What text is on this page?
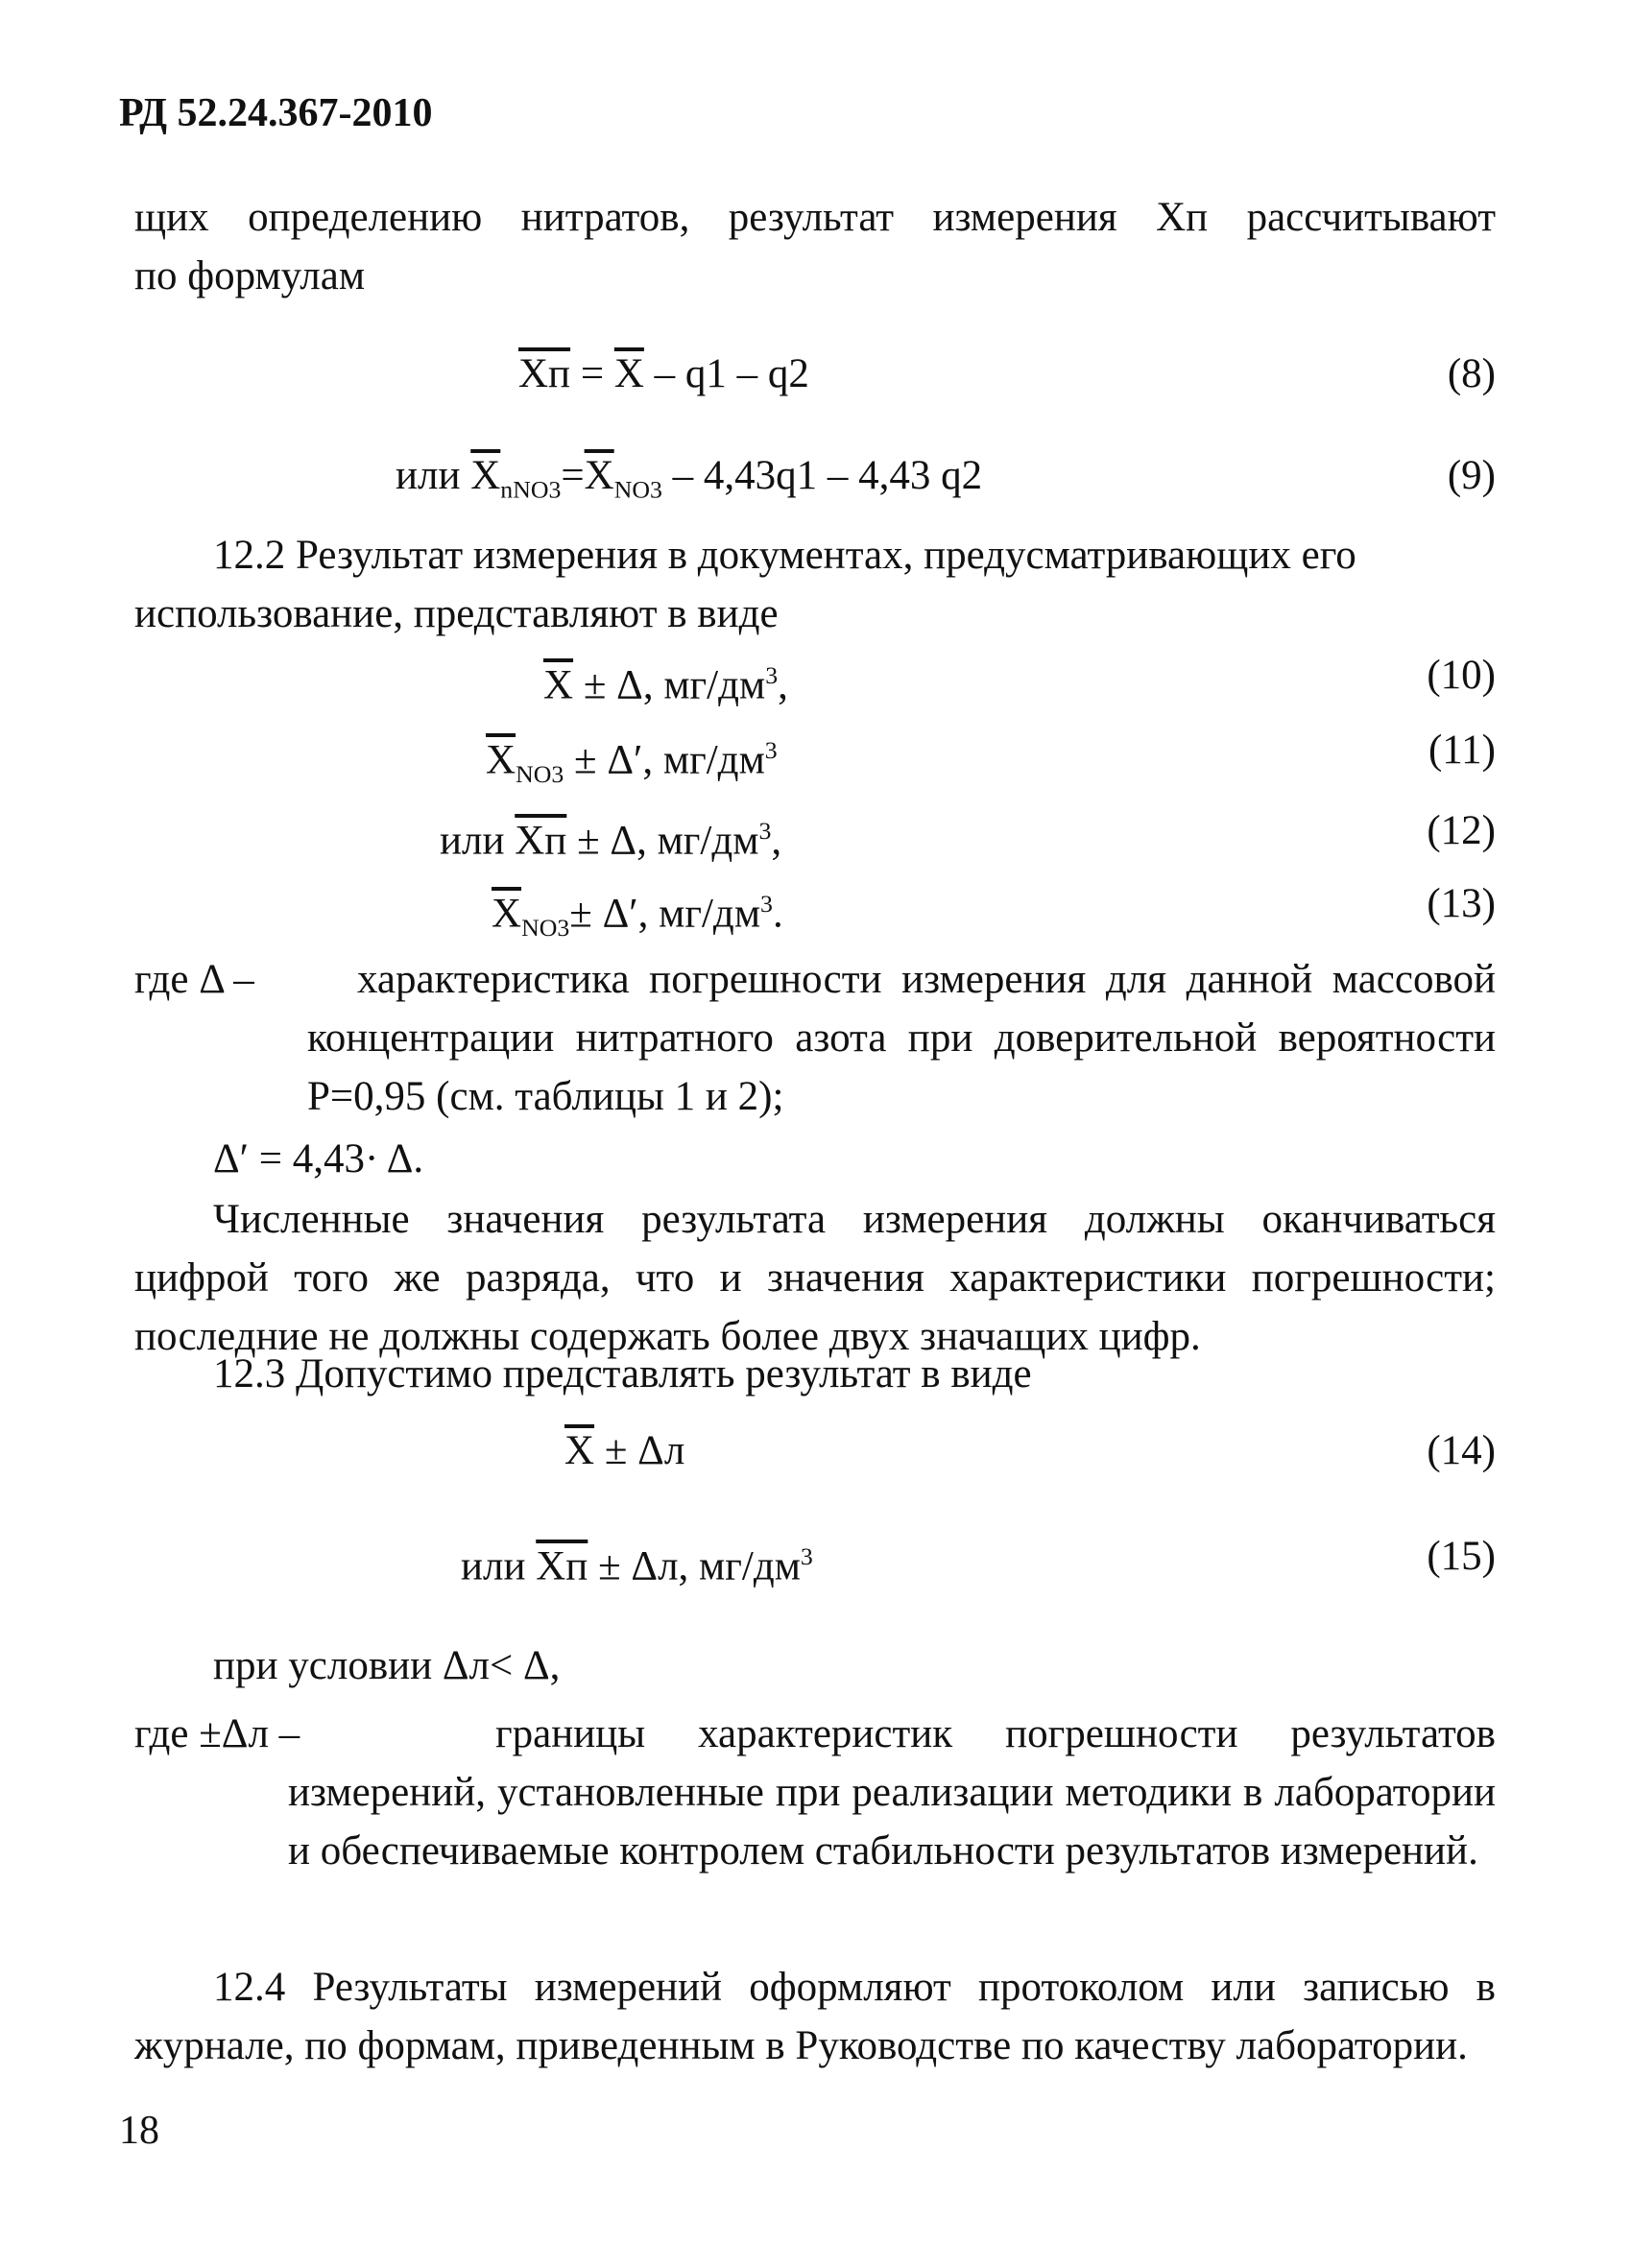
РД 52.24.367-2010
щих определению нитратов, результат измерения Xп рассчитывают
по формулам
Xп = $\overline{X} - q1 - q2$	(8)
или $\overline{X}_{nNO3}=\overline{X}_{NO3} - 4,43q1 - 4,43$ q2	(9)
12.2 Результат измерения в документах, предусматривающих его
использование, представляют в виде
$\overline{X} \pm \Delta$, $мг/дм^3$,	(10)
$\overline{X}_{NO3} \pm \Delta'$, $мг/дм^3$	(11)
или Xп ± Δ, $мг/дм^3$,	(12)
$\overline{X}_{NO3}\pm \Delta'$, $мг/дм^3$.	(13)
где Δ –	характеристика погрешности измерения для данной массовой концентрации нитратного азота при доверительной вероятности P=0,95 (см. таблицы 1 и 2);
Δ′ = 4,43· Δ.
Численные значения результата измерения должны оканчиваться цифрой того же разряда, что и значения характеристики погрешности; последние не должны содержать более двух значащих цифр.
12.3 Допустимо представлять результат в виде
$\overline{X} \pm \Delta л$	(14)
или Xп ± Δл, $мг/дм^3$	(15)
при условии Δл< Δ,
где ±Δл –	границы характеристик погрешности результатов измерений, установленные при реализации методики в лаборатории и обеспечиваемые контролем стабильности результатов измерений.
12.4 Результаты измерений оформляют протоколом или записью в журнале, по формам, приведенным в Руководстве по качеству лаборатории.
18
